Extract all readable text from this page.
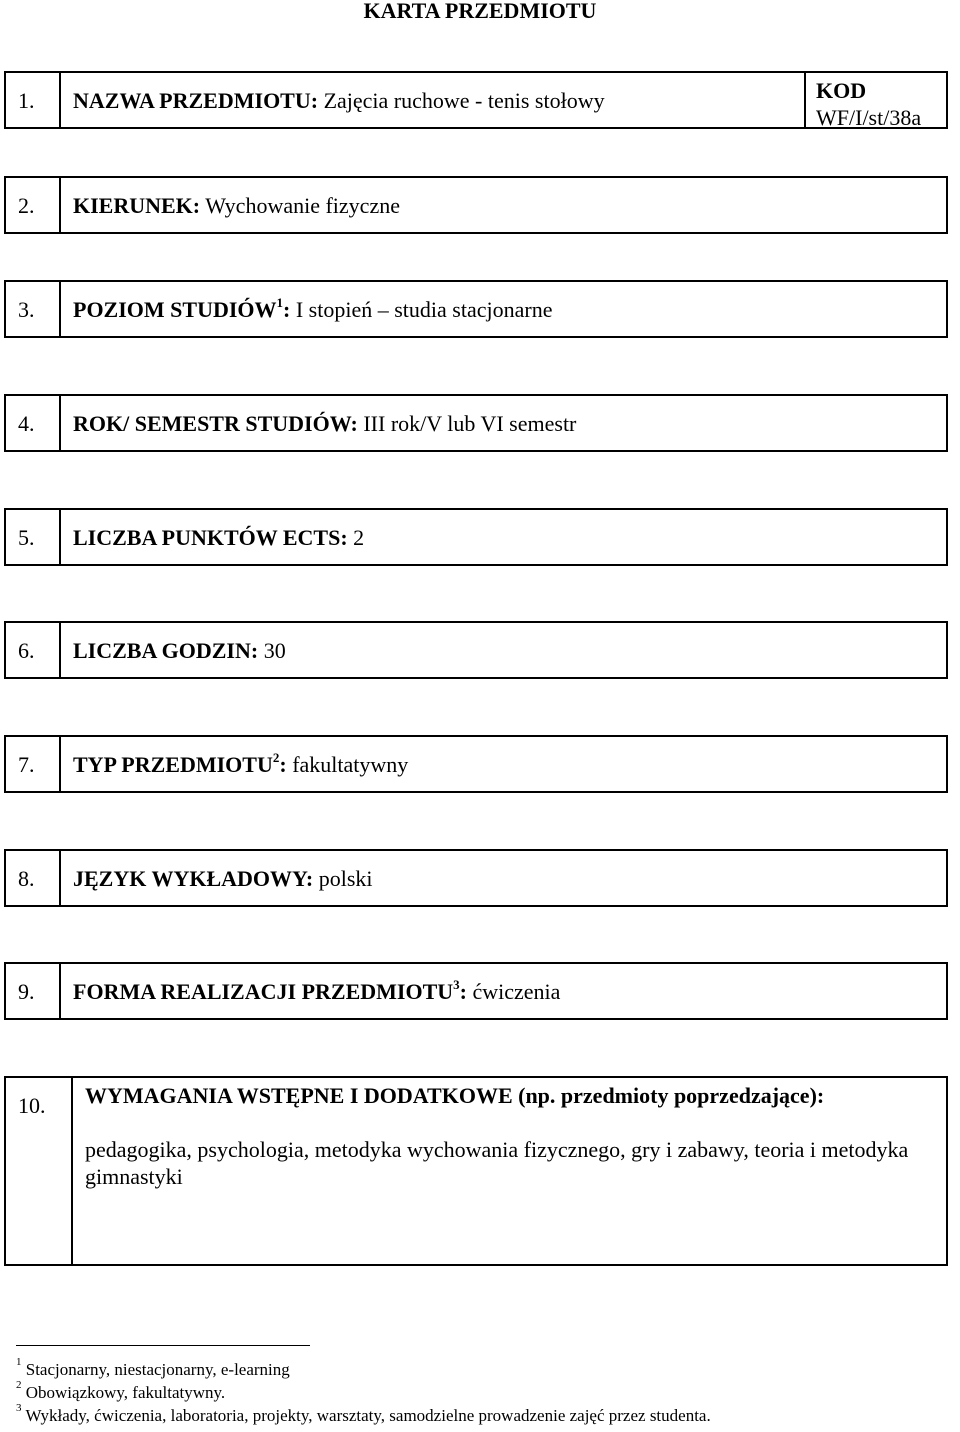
KARTA PRZEDMIOTU
1.	NAZWA PRZEDMIOTU: Zajęcia ruchowe - tenis stołowy	KOD
WF/I/st/38a
2.	KIERUNEK: Wychowanie fizyczne
3.	POZIOM STUDIÓW$^1$: I stopień – studia stacjonarne
4.	ROK/ SEMESTR STUDIÓW: III rok/V lub VI semestr
5.	LICZBA PUNKTÓW ECTS: 2
6.	LICZBA GODZIN: 30
7.	TYP PRZEDMIOTU$^2$: fakultatywny
8.	JĘZYK WYKŁADOWY: polski
9.	FORMA REALIZACJI PRZEDMIOTU$^3$: ćwiczenia
10.	WYMAGANIA WSTĘPNE I DODATKOWE (np. przedmioty poprzedzające):
pedagogika, psychologia, metodyka wychowania fizycznego, gry i zabawy, teoria i metodyka gimnastyki
$^1$ Stacjonarny, niestacjonarny, e-learning
$^2$ Obowiązkowy, fakultatywny.
$^3$ Wykłady, ćwiczenia, laboratoria, projekty, warsztaty, samodzielne prowadzenie zajęć przez studenta.
